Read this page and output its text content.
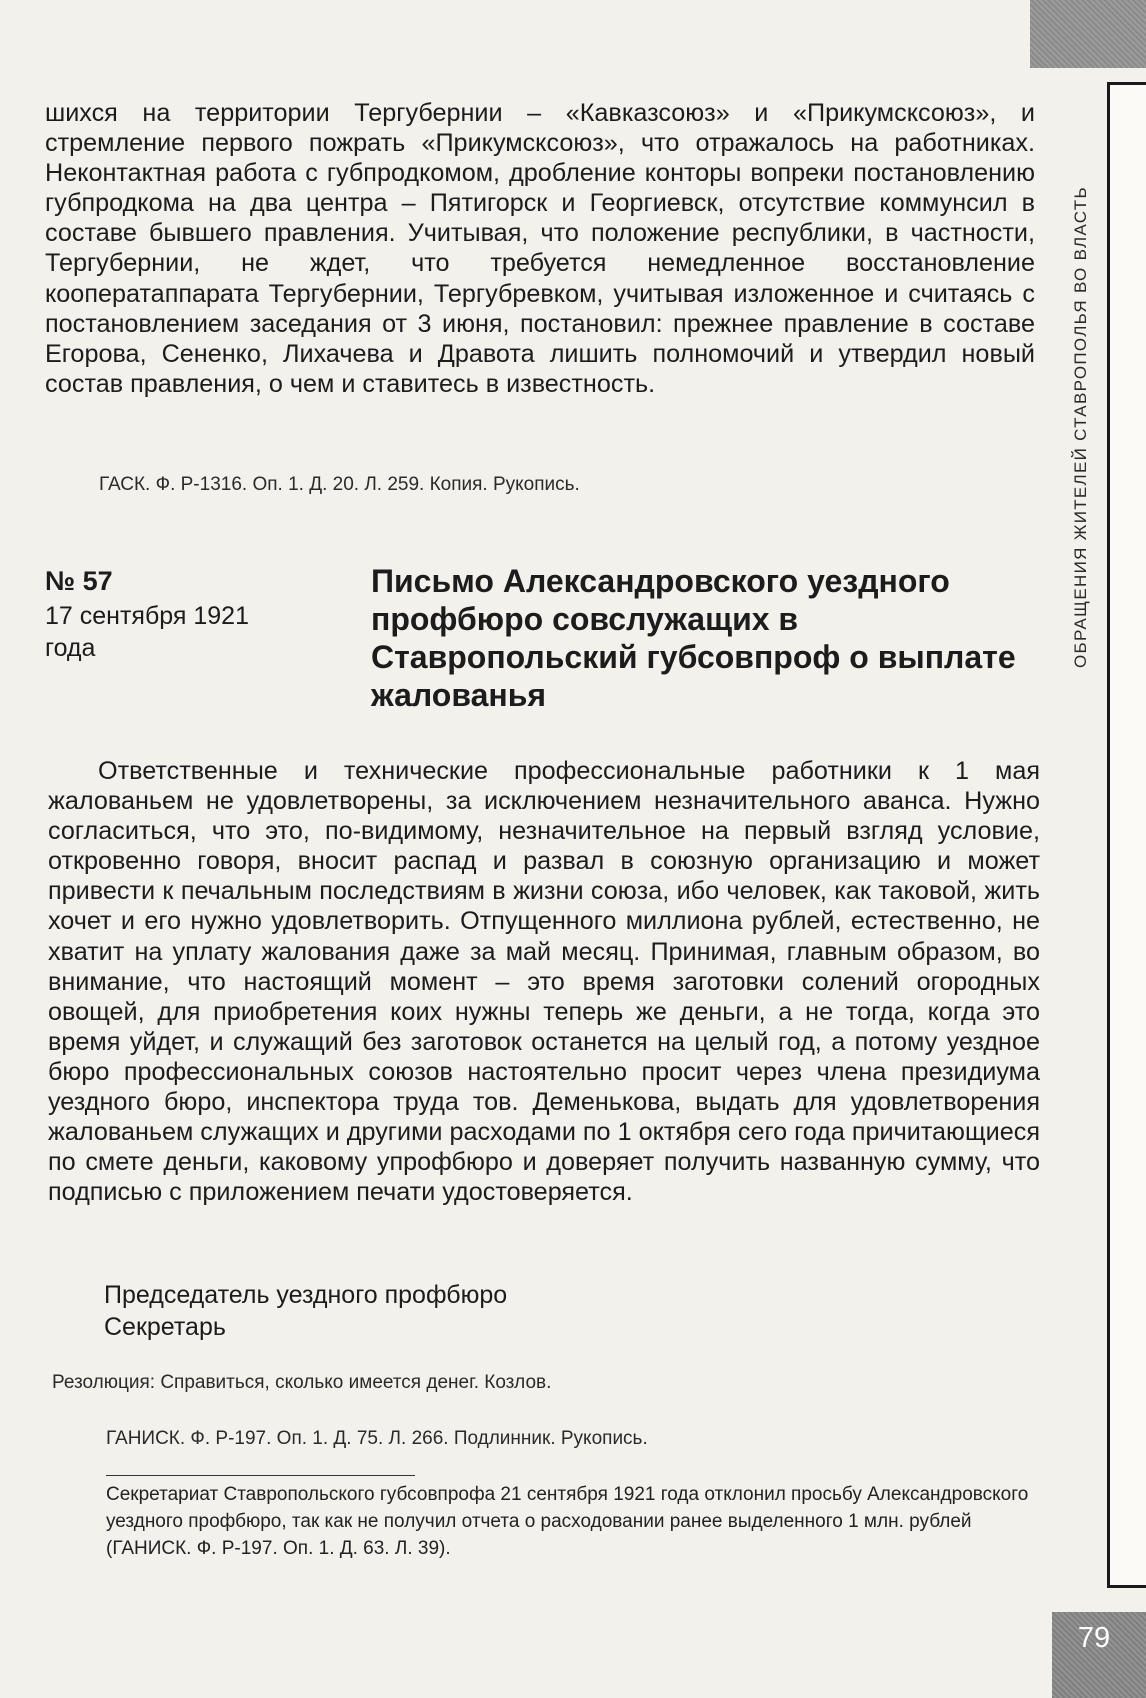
ОБРАЩЕНИЯ ЖИТЕЛЕЙ СТАВРОПОЛЬЯ ВО ВЛАСТЬ

шихся на территории Тергубернии – «Кавказсоюз» и «Прикумсксоюз», и стремление первого пожрать «Прикумсксоюз», что отражалось на работниках. Неконтактная работа с губпродкомом, дробление конторы вопреки постановлению губпродкома на два центра – Пятигорск и Георгиевск, отсутствие коммунсил в составе бывшего правления. Учитывая, что положение республики, в частности, Тергубернии, не ждет, что требуется немедленное восстановление кооператаппарата Тергубернии, Тергубревком, учитывая изложенное и считаясь с постановлением заседания от 3 июня, постановил: прежнее правление в составе Егорова, Сененко, Лихачева и Дравота лишить полномочий и утвердил новый состав правления, о чем и ставитесь в известность.

ГАСК. Ф. Р-1316. Оп. 1. Д. 20. Л. 259. Копия. Рукопись.

№ 57
17 сентября 1921 года
Письмо Александровского уездного профбюро совслужащих в Ставропольский губсовпроф о выплате жалованья

Ответственные и технические профессиональные работники к 1 мая жалованьем не удовлетворены, за исключением незначительного аванса. Нужно согласиться, что это, по-видимому, незначительное на первый взгляд условие, откровенно говоря, вносит распад и развал в союзную организацию и может привести к печальным последствиям в жизни союза, ибо человек, как таковой, жить хочет и его нужно удовлетворить. Отпущенного миллиона рублей, естественно, не хватит на уплату жалования даже за май месяц. Принимая, главным образом, во внимание, что настоящий момент – это время заготовки солений огородных овощей, для приобретения коих нужны теперь же деньги, а не тогда, когда это время уйдет, и служащий без заготовок останется на целый год, а потому уездное бюро профессиональных союзов настоятельно просит через члена президиума уездного бюро, инспектора труда тов. Деменькова, выдать для удовлетворения жалованьем служащих и другими расходами по 1 октября сего года причитающиеся по смете деньги, каковому упрофбюро и доверяет получить названную сумму, что подписью с приложением печати удостоверяется.

Председатель уездного профбюро
Секретарь
Резолюция: Справиться, сколько имеется денег. Козлов.

ГАНИСК. Ф. Р-197. Оп. 1. Д. 75. Л. 266. Подлинник. Рукопись.

Секретариат Ставропольского губсовпрофа 21 сентября 1921 года отклонил просьбу Александровского уездного профбюро, так как не получил отчета о расходовании ранее выделенного 1 млн. рублей (ГАНИСК. Ф. Р-197. Оп. 1. Д. 63. Л. 39).

79
